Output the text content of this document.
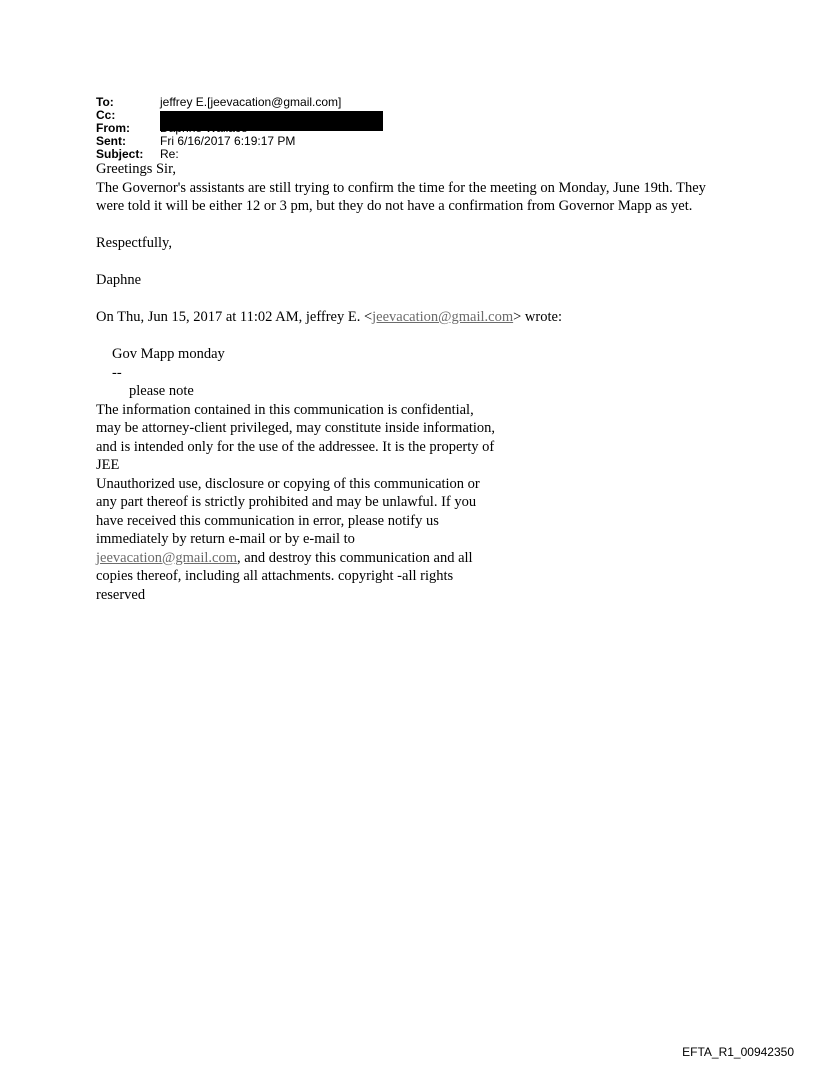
To:	jeffrey E.[jeevacation@gmail.com]
Cc:
From:
Sent:	Fri 6/16/2017 6:19:17 PM
Subject: Re:

Greetings Sir,

The Governor's assistants are still trying to confirm the time for the meeting on Monday, June 19th. They were told it will be either 12 or 3 pm, but they do not have a confirmation from Governor Mapp as yet.

Respectfully,

Daphne

On Thu, Jun 15, 2017 at 11:02 AM, jeffrey E. <jeevacation@gmail.com> wrote:

Gov Mapp monday

--

please note

The information contained in this communication is confidential, may be attorney-client privileged, may constitute inside information, and is intended only for the use of the addressee. It is the property of

JEE

Unauthorized use, disclosure or copying of this communication or any part thereof is strictly prohibited and may be unlawful. If you have received this communication in error, please notify us immediately by return e-mail or by e-mail to jeevacation@gmail.com, and destroy this communication and all copies thereof, including all attachments. copyright -all rights reserved

EFTA_R1_00942350
